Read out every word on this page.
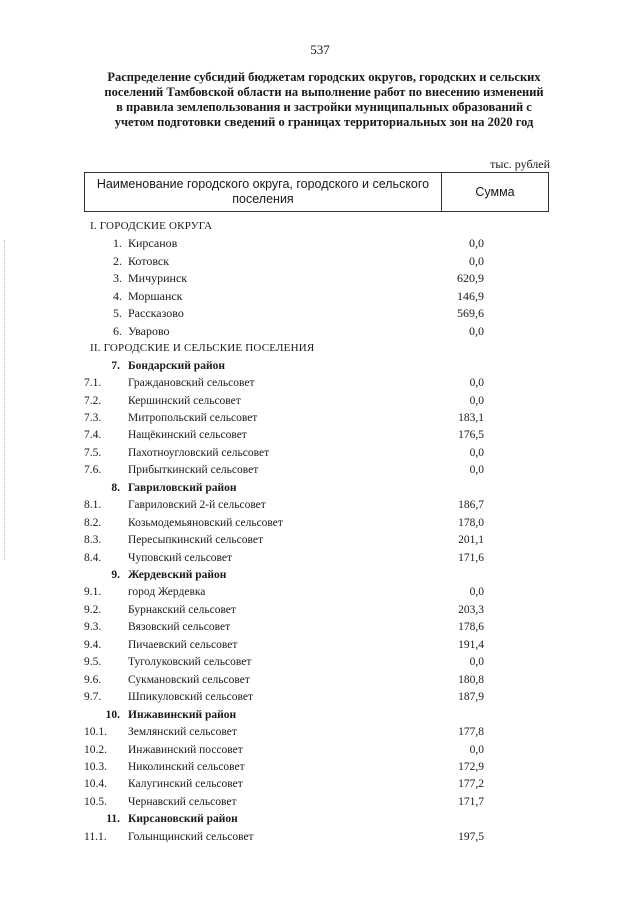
537
Распределение субсидий бюджетам городских округов, городских и сельских поселений Тамбовской области на выполнение работ по внесению изменений в правила землепользования и застройки муниципальных образований с учетом подготовки сведений о границах территориальных зон на 2020 год
тыс. рублей
Наименование городского округа, городского и сельского поселения	Сумма
I. ГОРОДСКИЕ ОКРУГА
1. Кирсанов	0,0
2. Котовск	0,0
3. Мичуринск	620,9
4. Моршанск	146,9
5. Рассказово	569,6
6. Уварово	0,0
II. ГОРОДСКИЕ И СЕЛЬСКИЕ ПОСЕЛЕНИЯ
7. Бондарский район
7.1.	Граждановский сельсовет	0,0
7.2.	Кершинский сельсовет	0,0
7.3.	Митропольский сельсовет	183,1
7.4.	Нащёкинский сельсовет	176,5
7.5.	Пахотноугловский сельсовет	0,0
7.6.	Прибыткинский сельсовет	0,0
8. Гавриловский район
8.1.	Гавриловский 2-й сельсовет	186,7
8.2.	Козьмодемьяновский сельсовет	178,0
8.3.	Пересыпкинский сельсовет	201,1
8.4.	Чуповский сельсовет	171,6
9. Жердевский район
9.1.	город Жердевка	0,0
9.2.	Бурнакский сельсовет	203,3
9.3.	Вязовский сельсовет	178,6
9.4.	Пичаевский сельсовет	191,4
9.5.	Туголуковский сельсовет	0,0
9.6.	Сукмановский сельсовет	180,8
9.7.	Шпикуловский сельсовет	187,9
10. Инжавинский район
10.1.	Землянский сельсовет	177,8
10.2.	Инжавинский поссовет	0,0
10.3.	Николинский сельсовет	172,9
10.4.	Калугинский сельсовет	177,2
10.5.	Чернавский сельсовет	171,7
11. Кирсановский район
11.1.	Голынщинский сельсовет	197,5
